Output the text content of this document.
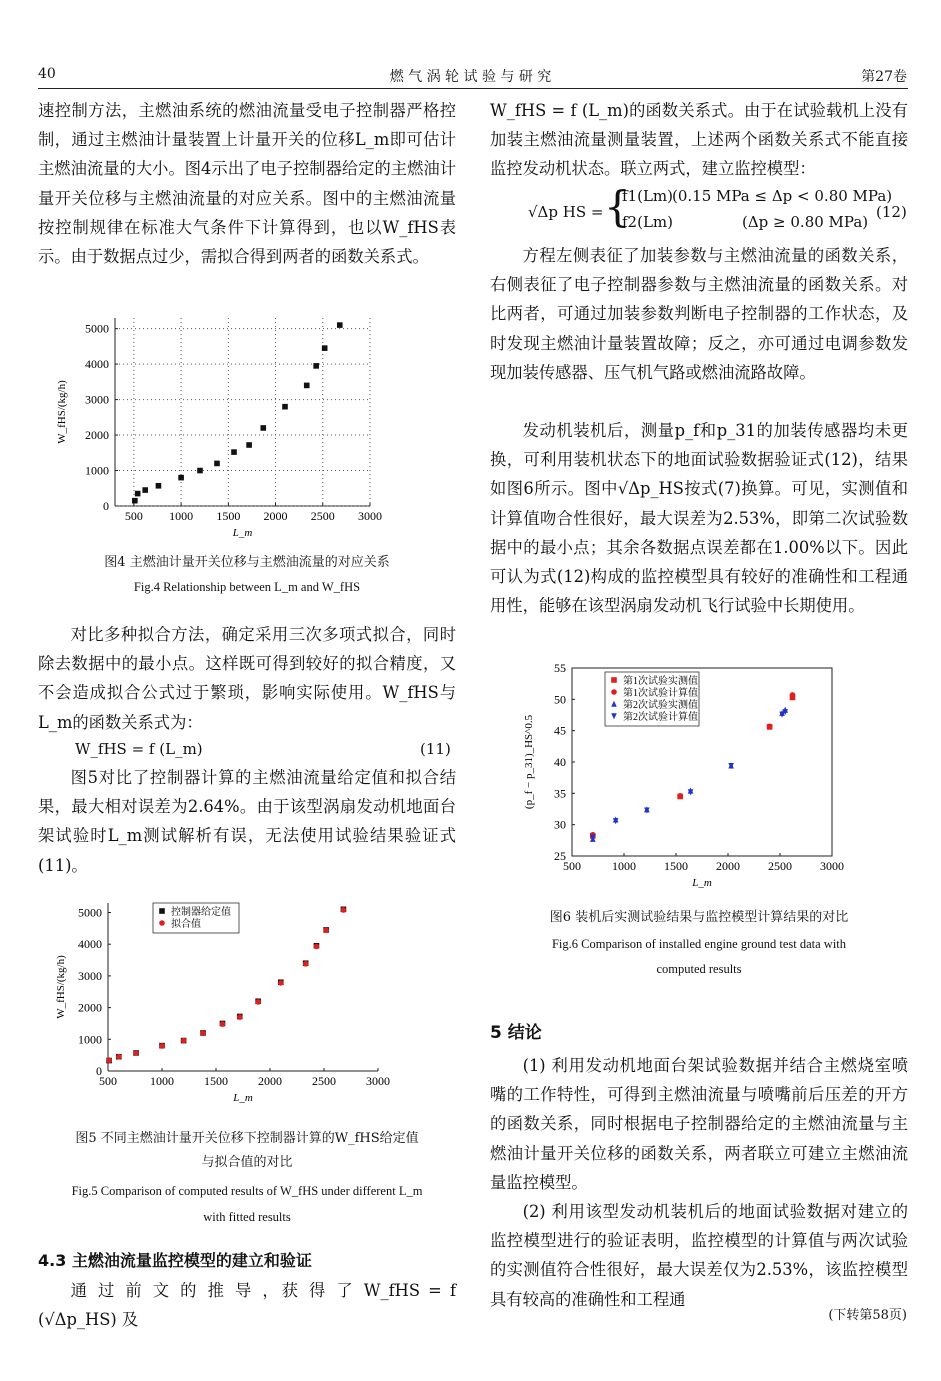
40	燃 气 涡 轮 试 验 与 研 究	第27卷

速控制方法，主燃油系统的燃油流量受电子控制器严格控制，通过主燃油计量装置上计量开关的位移L_m即可估计主燃油流量的大小。图4示出了电子控制器给定的主燃油计量开关位移与主燃油流量的对应关系。图中的主燃油流量按控制规律在标准大气条件下计算得到，也以W_fHS表示。由于数据点过少，需拟合得到两者的函数关系式。

500 1000 1500 2000 2500 3000
0
1000
2000
3000
4000
5000
L_m
W_fHS/(kg/h)
图4 主燃油计量开关位移与主燃油流量的对应关系
Fig.4 Relationship between L_m and W_fHS

对比多种拟合方法，确定采用三次多项式拟合，同时除去数据中的最小点。这样既可得到较好的拟合精度，又不会造成拟合公式过于繁琐，影响实际使用。W_fHS与L_m的函数关系式为：

W_fHS = f (L_m)	(11)

图5对比了控制器计算的主燃油流量给定值和拟合结果，最大相对误差为2.64%。由于该型涡扇发动机地面台架试验时L_m测试解析有误，无法使用试验结果验证式(11)。

500	1000	1500	2000	2500	3000
0
1000
2000
3000
4000
5000
L_m
W_fHS/(kg/h)
控制器给定值
拟合值
图5 不同主燃油计量开关位移下控制器计算的W_fHS给定值
与拟合值的对比
Fig.5 Comparison of computed results of W_fHS under different L_m
with fitted results
4.3 主燃油流量监控模型的建立和验证

通 过 前 文 的 推 导 ，获 得 了 W_fHS = f (√Δp_HS) 及

W_fHS = f (L_m)的函数关系式。由于在试验载机上没有加装主燃油流量测量装置，上述两个函数关系式不能直接监控发动机状态。联立两式，建立监控模型：

√Δp HS = {
f1(Lm) (0.15 MPa ≤ Δp < 0.80 MPa)
f2(Lm)	(Δp ≥ 0.80 MPa)
(12)

方程左侧表征了加装参数与主燃油流量的函数关系，右侧表征了电子控制器参数与主燃油流量的函数关系。对比两者，可通过加装参数判断电子控制器的工作状态，及时发现主燃油计量装置故障；反之，亦可通过电调参数发现加装传感器、压气机气路或燃油流路故障。

发动机装机后，测量p_f和p_31的加装传感器均未更换，可利用装机状态下的地面试验数据验证式(12)，结果如图6所示。图中√Δp_HS按式(7)换算。可见，实测值和计算值吻合性很好，最大误差为2.53%，即第二次试验数据中的最小点；其余各数据点误差都在1.00%以下。因此可认为式(12)构成的监控模型具有较好的准确性和工程通用性，能够在该型涡扇发动机飞行试验中长期使用。

500	1000 1500 2000 2500 3000
25
30
35
40
45
50
55
L_m
(p_f − p_31)_HS^0.5
第1次试验实测值
第1次试验计算值
第2次试验实测值
第2次试验计算值
图6 装机后实测试验结果与监控模型计算结果的对比
Fig.6 Comparison of installed engine ground test data with
computed results
5 结论

(1) 利用发动机地面台架试验数据并结合主燃烧室喷嘴的工作特性，可得到主燃油流量与喷嘴前后压差的开方的函数关系，同时根据电子控制器给定的主燃油流量与主燃油计量开关位移的函数关系，两者联立可建立主燃油流量监控模型。

(2) 利用该型发动机装机后的地面试验数据对建立的监控模型进行的验证表明，监控模型的计算值与两次试验的实测值符合性很好，最大误差仅为2.53%，该监控模型具有较高的准确性和工程通

(下转第58页)
